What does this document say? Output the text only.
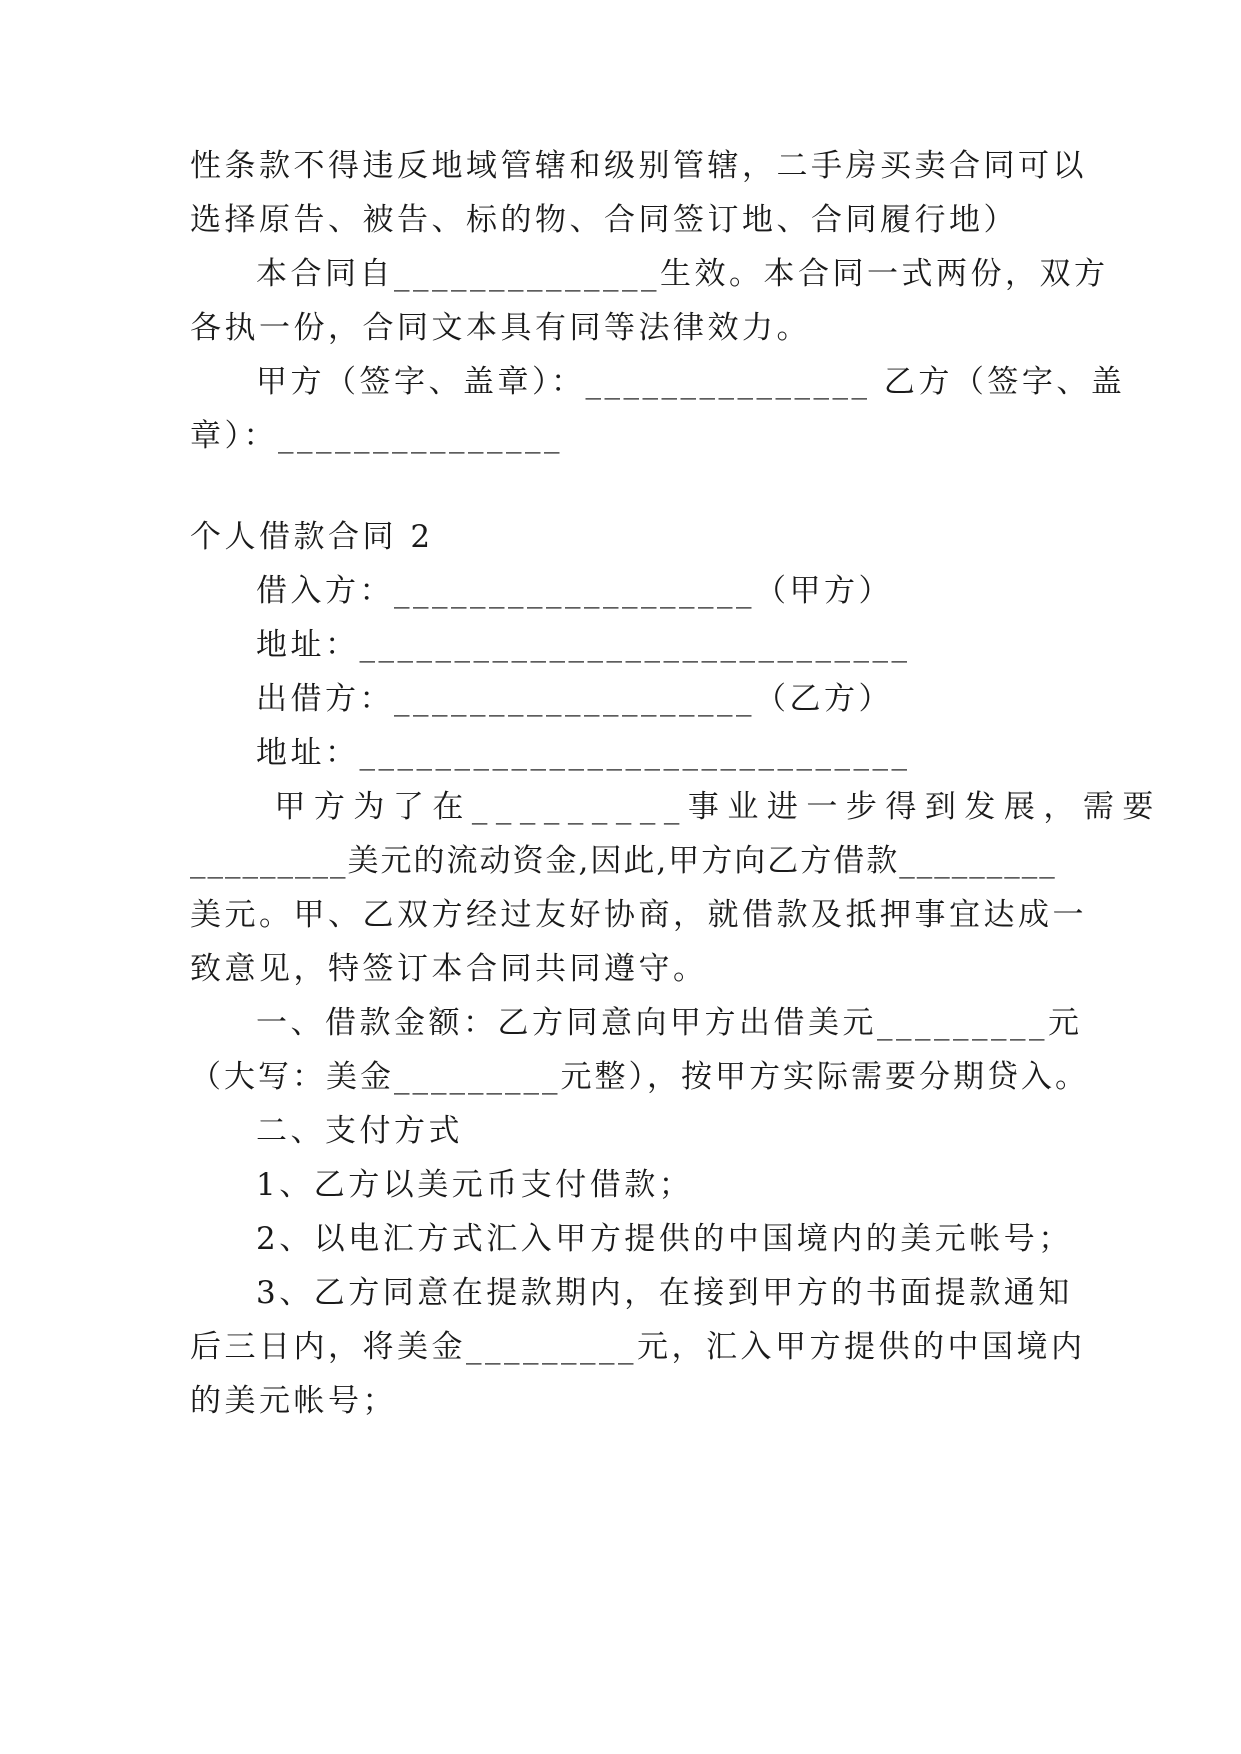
性条款不得违反地域管辖和级别管辖，二手房买卖合同可以

选择原告、被告、标的物、合同签订地、合同履行地）

本合同自______________生效。本合同一式两份，双方

各执一份，合同文本具有同等法律效力。

甲方（签字、盖章）：_______________ 乙方（签字、盖

章）：_______________

个人借款合同 2

借入方：___________________（甲方）

地址：_____________________________

出借方：___________________（乙方）

地址：_____________________________

甲方为了在_________事业进一步得到发展，需要

_________美元的流动资金,因此,甲方向乙方借款_________

美元。甲、乙双方经过友好协商，就借款及抵押事宜达成一

致意见，特签订本合同共同遵守。

一、借款金额：乙方同意向甲方出借美元_________元

（大写：美金_________元整），按甲方实际需要分期贷入。

二、支付方式

1、乙方以美元币支付借款；

2、以电汇方式汇入甲方提供的中国境内的美元帐号；

3、乙方同意在提款期内，在接到甲方的书面提款通知

后三日内，将美金_________元，汇入甲方提供的中国境内

的美元帐号；
